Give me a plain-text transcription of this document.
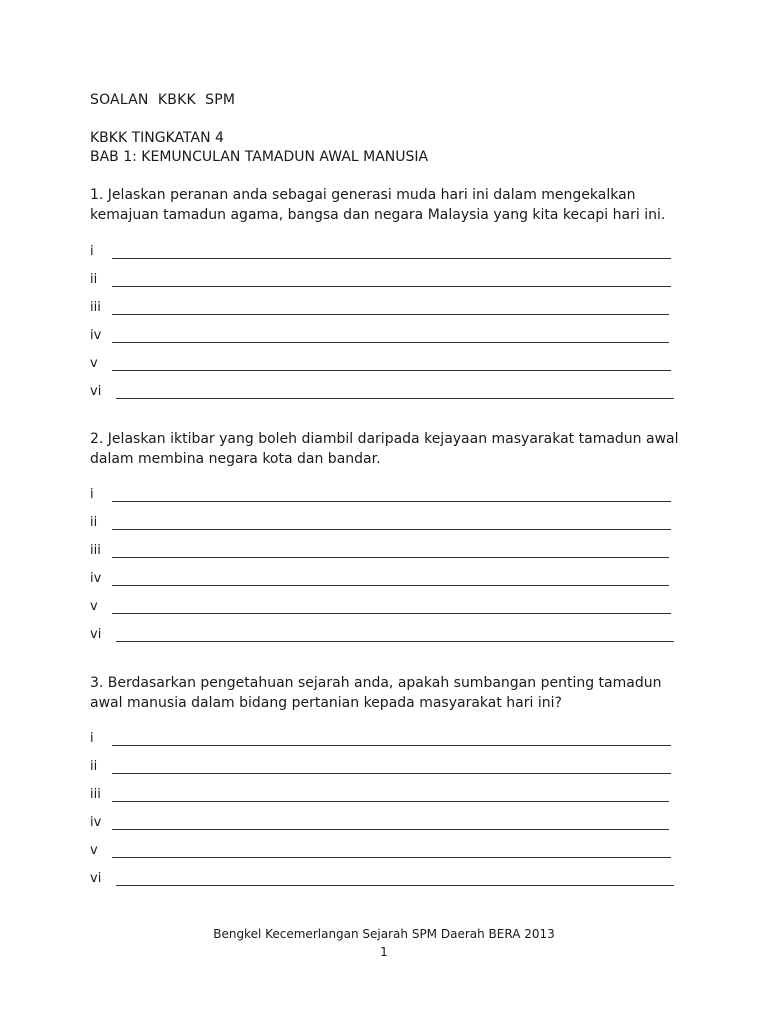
SOALAN  KBKK  SPM
KBKK TINGKATAN 4
BAB 1: KEMUNCULAN TAMADUN AWAL MANUSIA
1. Jelaskan peranan anda sebagai generasi muda hari ini dalam mengekalkan kemajuan tamadun agama, bangsa dan negara Malaysia yang kita kecapi hari ini.
i
ii
iii
iv
v
vi
2. Jelaskan iktibar yang boleh diambil daripada kejayaan masyarakat tamadun awal dalam membina negara kota dan bandar.
i
ii
iii
iv
v
vi
3. Berdasarkan pengetahuan sejarah anda, apakah sumbangan penting tamadun awal manusia dalam bidang pertanian kepada masyarakat hari ini?
i
ii
iii
iv
v
vi
Bengkel Kecemerlangan Sejarah SPM Daerah BERA 2013
1
